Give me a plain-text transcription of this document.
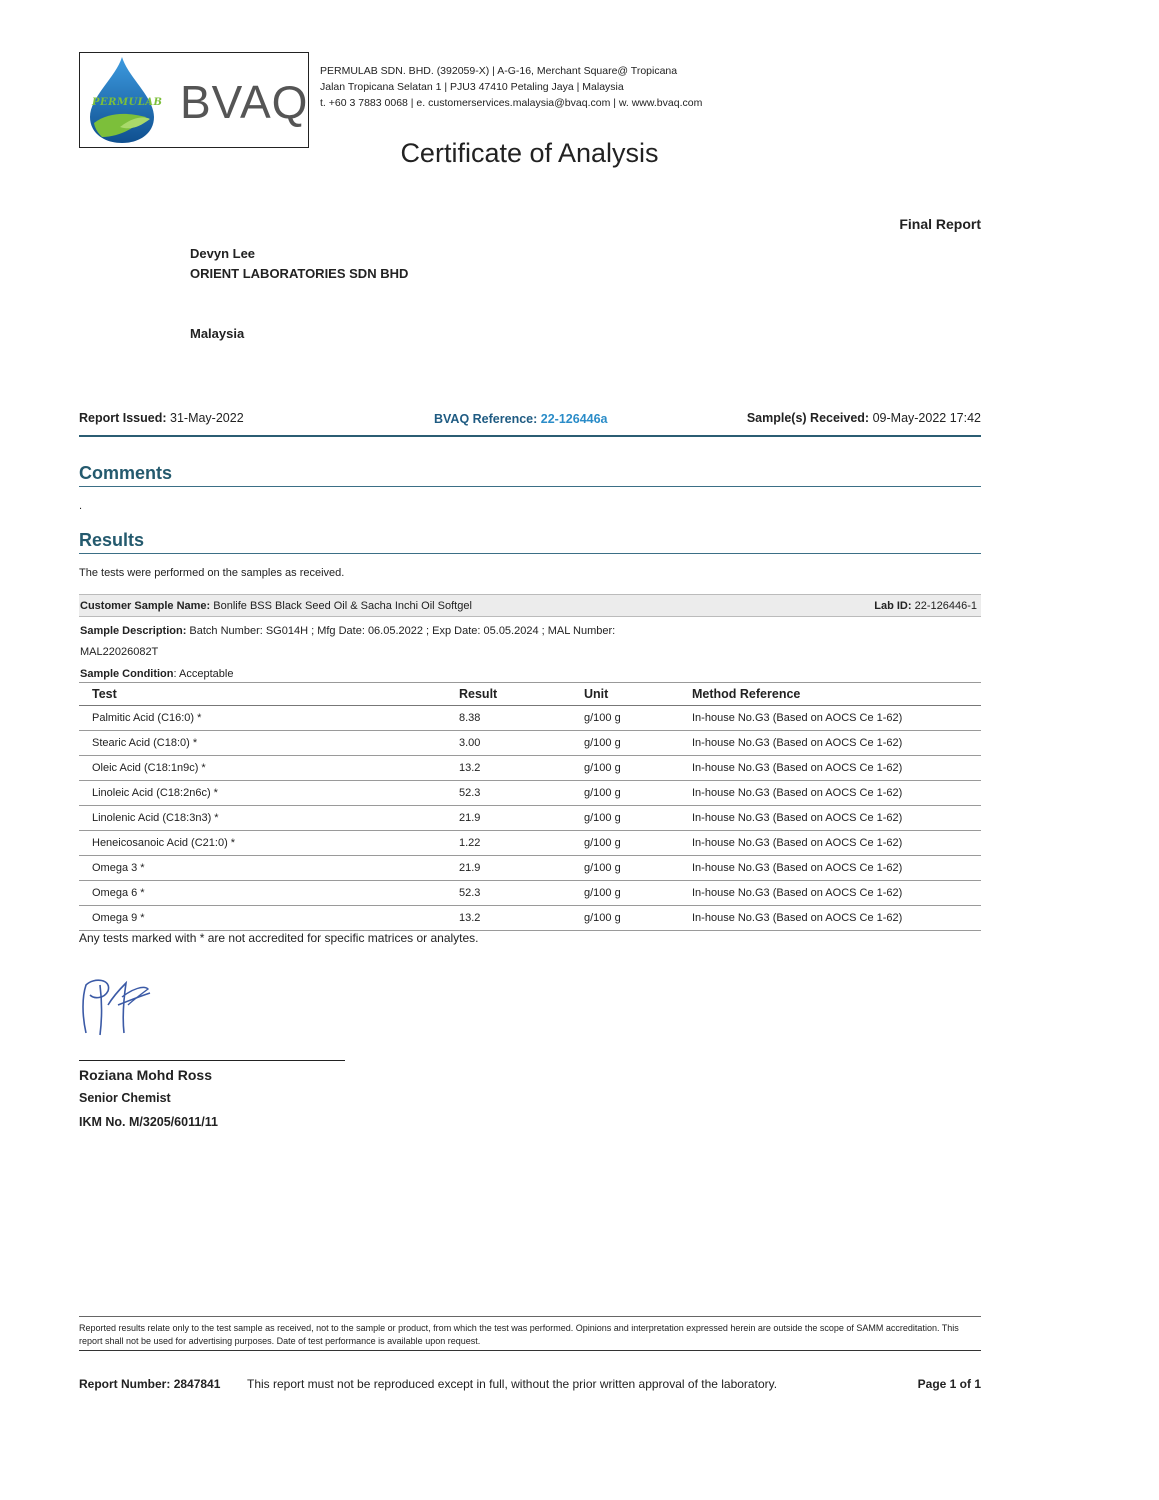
PERMULAB BVAQ
PERMULAB SDN. BHD. (392059-X) | A-G-16, Merchant Square@ Tropicana
Jalan Tropicana Selatan 1 | PJU3 47410 Petaling Jaya | Malaysia
t. +60 3 7883 0068 | e. customerservices.malaysia@bvaq.com | w. www.bvaq.com
Certificate of Analysis
Final Report
Devyn Lee
ORIENT LABORATORIES SDN BHD
Malaysia
Report Issued: 31-May-2022	BVAQ Reference: 22-126446a	Sample(s) Received: 09-May-2022 17:42
Comments
.
Results
The tests were performed on the samples as received.
Customer Sample Name: Bonlife BSS Black Seed Oil & Sacha Inchi Oil Softgel	Lab ID: 22-126446-1
Sample Description: Batch Number: SG014H ; Mfg Date: 06.05.2022 ; Exp Date: 05.05.2024 ; MAL Number:
MAL22026082T
Sample Condition: Acceptable
Test	Result	Unit	Method Reference
Palmitic Acid (C16:0) *	8.38	g/100 g	In-house No.G3 (Based on AOCS Ce 1-62)
Stearic Acid (C18:0) *	3.00	g/100 g	In-house No.G3 (Based on AOCS Ce 1-62)
Oleic Acid (C18:1n9c) *	13.2	g/100 g	In-house No.G3 (Based on AOCS Ce 1-62)
Linoleic Acid (C18:2n6c) *	52.3	g/100 g	In-house No.G3 (Based on AOCS Ce 1-62)
Linolenic Acid (C18:3n3) *	21.9	g/100 g	In-house No.G3 (Based on AOCS Ce 1-62)
Heneicosanoic Acid (C21:0) *	1.22	g/100 g	In-house No.G3 (Based on AOCS Ce 1-62)
Omega 3 *	21.9	g/100 g	In-house No.G3 (Based on AOCS Ce 1-62)
Omega 6 *	52.3	g/100 g	In-house No.G3 (Based on AOCS Ce 1-62)
Omega 9 *	13.2	g/100 g	In-house No.G3 (Based on AOCS Ce 1-62)
Any tests marked with * are not accredited for specific matrices or analytes.
Roziana Mohd Ross
Senior Chemist
IKM No. M/3205/6011/11
Reported results relate only to the test sample as received, not to the sample or product, from which the test was performed. Opinions and interpretation expressed herein are outside the scope of SAMM accreditation. This report shall not be used for advertising purposes. Date of test performance is available upon request.
Report Number: 2847841 This report must not be reproduced except in full, without the prior written approval of the laboratory.	Page 1 of 1
